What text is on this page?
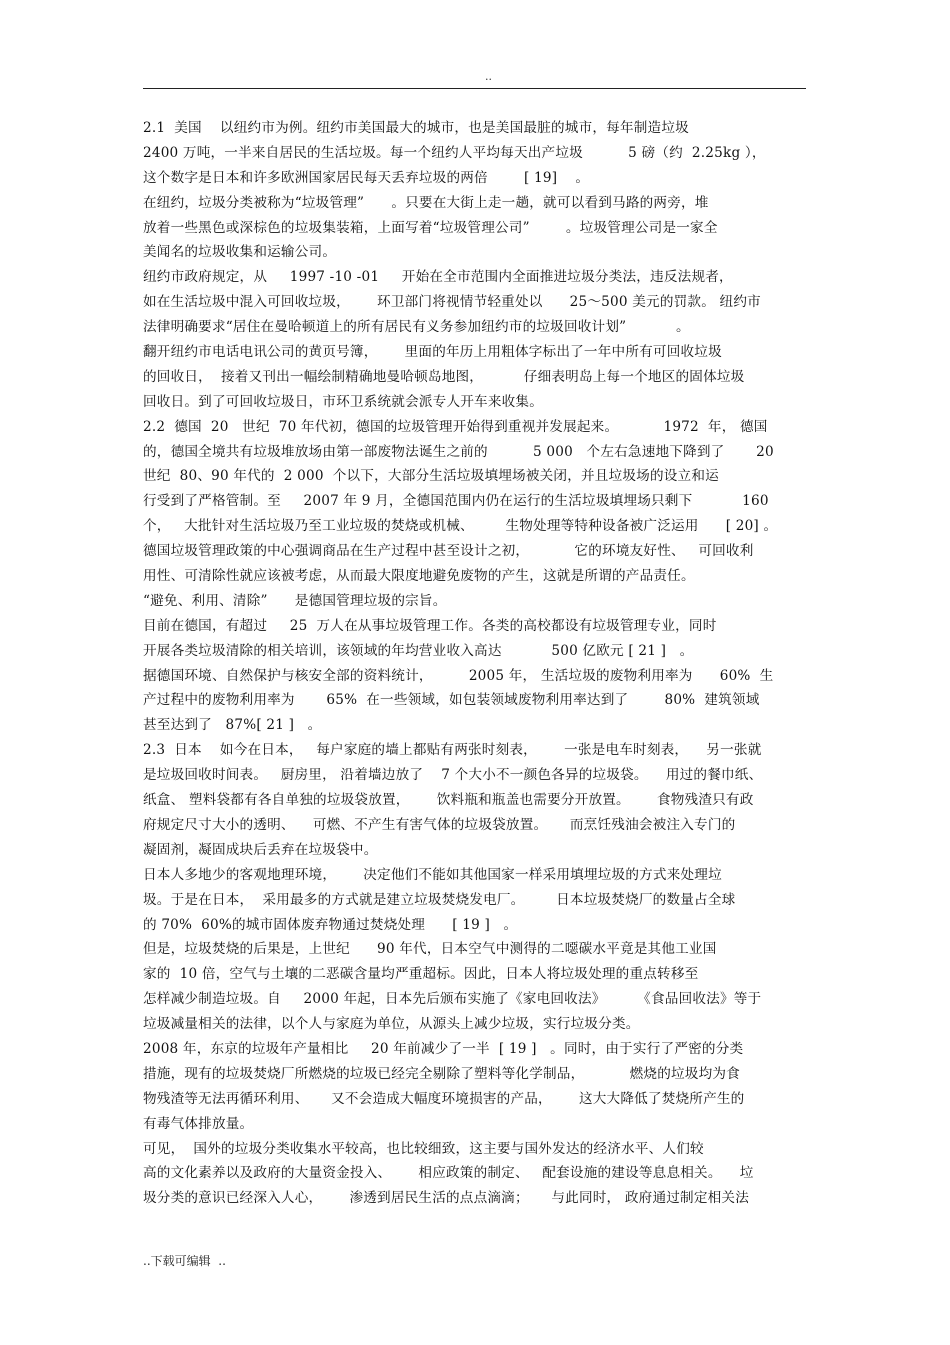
..
2.1  美国    以纽约市为例。纽约市美国最大的城市，也是美国最脏的城市，每年制造垃圾
2400 万吨，一半来自居民的生活垃圾。每一个纽约人平均每天出产垃圾          5 磅（约  2.25kg ），
这个数字是日本和许多欧洲国家居民每天丢弃垃圾的两倍        [ 19]    。
在纽约，垃圾分类被称为“垃圾管理”      。只要在大街上走一趟，就可以看到马路的两旁，堆
放着一些黑色或深棕色的垃圾集装箱，上面写着“垃圾管理公司”        。垃圾管理公司是一家全
美闻名的垃圾收集和运输公司。
纽约市政府规定，从     1997 -10 -01     开始在全市范围内全面推进垃圾分类法，违反法规者，
如在生活垃圾中混入可回收垃圾，      环卫部门将视情节轻重处以      25～500 美元的罚款。 纽约市
法律明确要求“居住在曼哈顿道上的所有居民有义务参加纽约市的垃圾回收计划”           。
翻开纽约市电话电讯公司的黄页号簿，      里面的年历上用粗体字标出了一年中所有可回收垃圾
的回收日，  接着又刊出一幅绘制精确地曼哈顿岛地图，         仔细表明岛上每一个地区的固体垃圾
回收日。到了可回收垃圾日，市环卫系统就会派专人开车来收集。
2.2  德国  20   世纪  70 年代初，德国的垃圾管理开始得到重视并发展起来。          1972  年， 德国
的，德国全境共有垃圾堆放场由第一部废物法诞生之前的          5 000   个左右急速地下降到了       20
世纪  80、90 年代的  2 000  个以下，大部分生活垃圾填埋场被关闭，并且垃圾场的设立和运
行受到了严格管制。至     2007 年 9 月，全德国范围内仍在运行的生活垃圾填埋场只剩下           160
个，   大批针对生活垃圾乃至工业垃圾的焚烧或机械、       生物处理等特种设备被广泛运用      [ 20] 。
德国垃圾管理政策的中心强调商品在生产过程中甚至设计之初，          它的环境友好性、   可回收利
用性、可清除性就应该被考虑，从而最大限度地避免废物的产生，这就是所谓的产品责任。
“避免、利用、清除”      是德国管理垃圾的宗旨。
目前在德国，有超过     25  万人在从事垃圾管理工作。各类的高校都设有垃圾管理专业，同时
开展各类垃圾清除的相关培训，该领域的年均营业收入高达           500 亿欧元 [ 21 ]   。
据德国环境、自然保护与核安全部的资料统计，        2005 年， 生活垃圾的废物利用率为      60%  生
产过程中的废物利用率为       65%  在一些领域，如包装领域废物利用率达到了        80%  建筑领域
甚至达到了   87%[ 21 ]   。
2.3  日本    如今在日本，   每户家庭的墙上都贴有两张时刻表，      一张是电车时刻表，    另一张就
是垃圾回收时间表。   厨房里， 沿着墙边放了    7 个大小不一颜色各异的垃圾袋。    用过的餐巾纸、
纸盒、 塑料袋都有各自单独的垃圾袋放置，      饮料瓶和瓶盖也需要分开放置。      食物残渣只有政
府规定尺寸大小的透明、    可燃、不产生有害气体的垃圾袋放置。     而烹饪残油会被注入专门的
凝固剂，凝固成块后丢弃在垃圾袋中。
日本人多地少的客观地理环境，      决定他们不能如其他国家一样采用填埋垃圾的方式来处理垃
圾。于是在日本，  采用最多的方式就是建立垃圾焚烧发电厂。       日本垃圾焚烧厂的数量占全球
的 70%  60%的城市固体废弃物通过焚烧处理      [ 19 ]   。
但是，垃圾焚烧的后果是，上世纪      90 年代，日本空气中测得的二噁碳水平竟是其他工业国
家的  10 倍，空气与土壤的二恶碳含量均严重超标。因此，日本人将垃圾处理的重点转移至
怎样减少制造垃圾。自     2000 年起，日本先后颁布实施了《家电回收法》       《食品回收法》等于
垃圾减量相关的法律，以个人与家庭为单位，从源头上减少垃圾，实行垃圾分类。
2008 年，东京的垃圾年产量相比     20 年前减少了一半  [ 19 ]   。同时，由于实行了严密的分类
措施，现有的垃圾焚烧厂所燃烧的垃圾已经完全剔除了塑料等化学制品，          燃烧的垃圾均为食
物残渣等无法再循环利用、     又不会造成大幅度环境损害的产品，      这大大降低了焚烧所产生的
有毒气体排放量。
可见，  国外的垃圾分类收集水平较高，也比较细致，这主要与国外发达的经济水平、人们较
高的文化素养以及政府的大量资金投入、      相应政策的制定、   配套设施的建设等息息相关。    垃
圾分类的意识已经深入人心，      渗透到居民生活的点点滴滴；     与此同时， 政府通过制定相关法
..下载可编辑  ..
